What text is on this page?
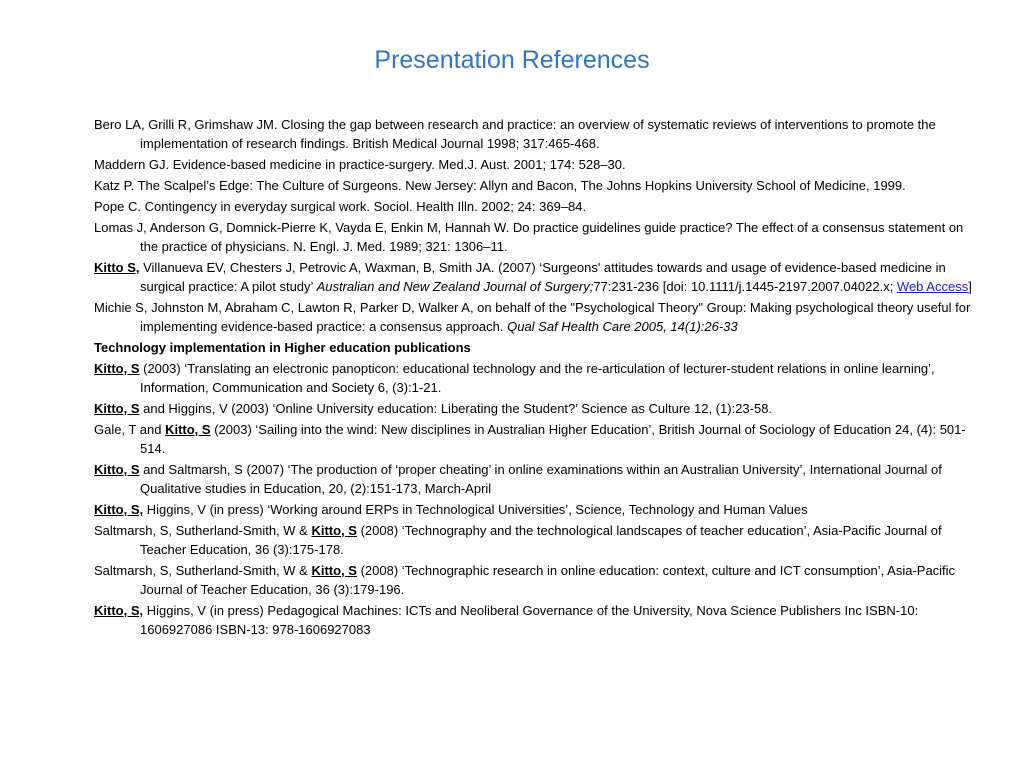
Presentation References

Bero LA, Grilli R, Grimshaw JM. Closing the gap between research and practice: an overview of systematic reviews of interventions to promote the implementation of research findings. British Medical Journal 1998; 317:465-468.

Maddern GJ. Evidence-based medicine in practice-surgery. Med.J. Aust. 2001; 174: 528–30.

Katz P. The Scalpel’s Edge: The Culture of Surgeons. New Jersey: Allyn and Bacon, The Johns Hopkins University School of Medicine, 1999.

Pope C. Contingency in everyday surgical work. Sociol. Health Illn. 2002; 24: 369–84.

Lomas J, Anderson G, Domnick-Pierre K, Vayda E, Enkin M, Hannah W. Do practice guidelines guide practice? The effect of a consensus statement on the practice of physicians. N. Engl. J. Med. 1989; 321: 1306–11.

Kitto S, Villanueva EV, Chesters J, Petrovic A, Waxman, B, Smith JA. (2007) ‘Surgeons' attitudes towards and usage of evidence-based medicine in surgical practice: A pilot study’ Australian and New Zealand Journal of Surgery;77:231-236 [doi: 10.1111/j.1445-2197.2007.04022.x; Web Access]

Michie S, Johnston M, Abraham C, Lawton R, Parker D, Walker A, on behalf of the "Psychological Theory" Group: Making psychological theory useful for implementing evidence-based practice: a consensus approach. Qual Saf Health Care 2005, 14(1):26-33

Technology implementation in Higher education publications

Kitto, S (2003) ‘Translating an electronic panopticon: educational technology and the re-articulation of lecturer-student relations in online learning’, Information, Communication and Society 6, (3):1-21.

Kitto, S and Higgins, V (2003) ‘Online University education: Liberating the Student?’ Science as Culture 12, (1):23-58.

Gale, T and Kitto, S (2003) ‘Sailing into the wind: New disciplines in Australian Higher Education’, British Journal of Sociology of Education 24, (4): 501-514.

Kitto, S and Saltmarsh, S (2007) ‘The production of ‘proper cheating’ in online examinations within an Australian University’, International Journal of Qualitative studies in Education, 20, (2):151-173, March-April

Kitto, S, Higgins, V (in press) ‘Working around ERPs in Technological Universities’, Science, Technology and Human Values

Saltmarsh, S, Sutherland-Smith, W & Kitto, S (2008) ‘Technography and the technological landscapes of teacher education’, Asia-Pacific Journal of Teacher Education, 36 (3):175-178.

Saltmarsh, S, Sutherland-Smith, W & Kitto, S (2008) ‘Technographic research in online education: context, culture and ICT consumption’, Asia-Pacific Journal of Teacher Education, 36 (3):179-196.

Kitto, S, Higgins, V (in press) Pedagogical Machines: ICTs and Neoliberal Governance of the University, Nova Science Publishers Inc ISBN-10: 1606927086 ISBN-13: 978-1606927083
